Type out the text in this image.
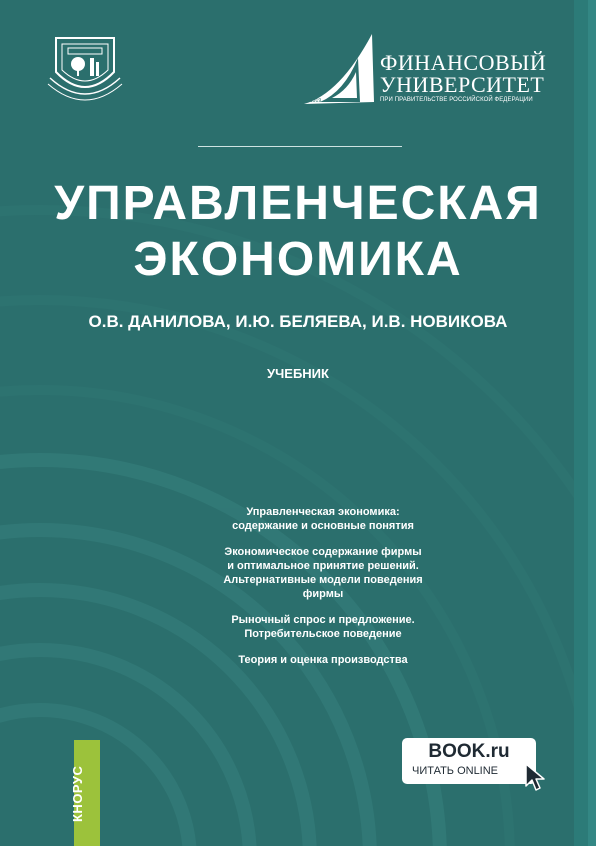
1919
ФИНАНСОВЫЙ
УНИВЕРСИТЕТ
ПРИ ПРАВИТЕЛЬСТВЕ РОССИЙСКОЙ ФЕДЕРАЦИИ
УПРАВЛЕНЧЕСКАЯ
ЭКОНОМИКА
О.В. ДАНИЛОВА, И.Ю. БЕЛЯЕВА, И.В. НОВИКОВА
УЧЕБНИК
Управленческая экономика:
содержание и основные понятия
Экономическое содержание фирмы
и оптимальное принятие решений.
Альтернативные модели поведения фирмы
Рыночный спрос и предложение.
Потребительское поведение
Теория и оценка производства
КНОРУС
BOOK.ru
ЧИТАТЬ ONLINE
